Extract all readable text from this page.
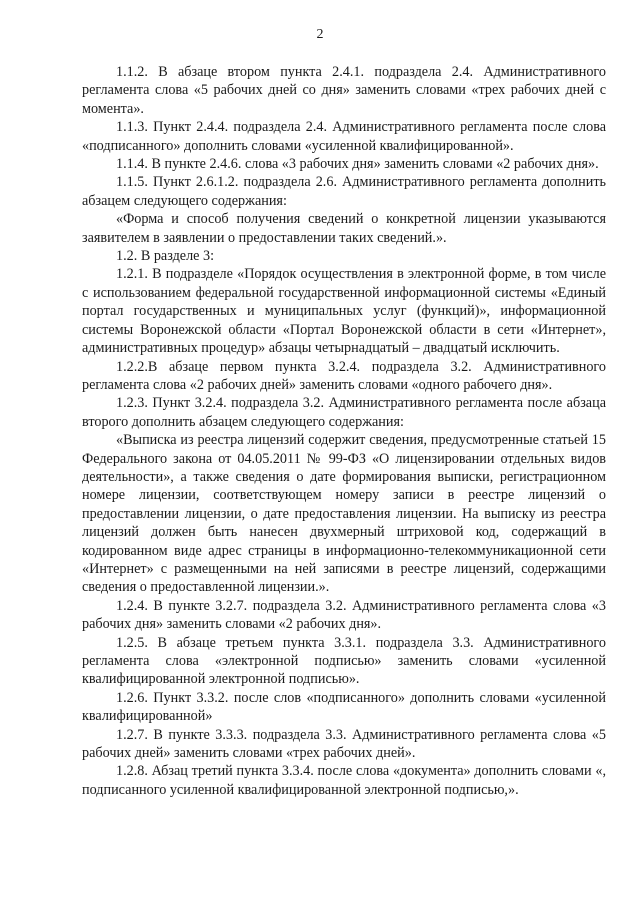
2

1.1.2. В абзаце втором пункта 2.4.1. подраздела 2.4. Административного регламента слова «5 рабочих дней со дня» заменить словами «трех рабочих дней с момента».

1.1.3. Пункт 2.4.4. подраздела 2.4. Административного регламента после слова «подписанного» дополнить словами «усиленной квалифицированной».

1.1.4. В пункте 2.4.6. слова «3 рабочих дня» заменить словами «2 рабочих дня».

1.1.5. Пункт 2.6.1.2. подраздела 2.6. Административного регламента дополнить абзацем следующего содержания:

«Форма и способ получения сведений о конкретной лицензии указываются заявителем в заявлении о предоставлении таких сведений.».

1.2. В разделе 3:

1.2.1. В подразделе «Порядок осуществления в электронной форме, в том числе с использованием федеральной государственной информационной системы «Единый портал государственных и муниципальных услуг (функций)», информационной системы Воронежской области «Портал Воронежской области в сети «Интернет», административных процедур» абзацы четырнадцатый – двадцатый исключить.

1.2.2.В абзаце первом пункта 3.2.4. подраздела 3.2. Административного регламента слова «2 рабочих дней» заменить словами «одного рабочего дня».

1.2.3. Пункт 3.2.4. подраздела 3.2. Административного регламента после абзаца второго дополнить абзацем следующего содержания:

«Выписка из реестра лицензий содержит сведения, предусмотренные статьей 15 Федерального закона от 04.05.2011 № 99-ФЗ «О лицензировании отдельных видов деятельности», а также сведения о дате формирования выписки, регистрационном номере лицензии, соответствующем номеру записи в реестре лицензий о предоставлении лицензии, о дате предоставления лицензии. На выписку из реестра лицензий должен быть нанесен двухмерный штриховой код, содержащий в кодированном виде адрес страницы в информационно-телекоммуникационной сети «Интернет» с размещенными на ней записями в реестре лицензий, содержащими сведения о предоставленной лицензии.».

1.2.4. В пункте 3.2.7. подраздела 3.2. Административного регламента слова «3 рабочих дня» заменить словами «2 рабочих дня».

1.2.5. В абзаце третьем пункта 3.3.1. подраздела 3.3. Административного регламента слова «электронной подписью» заменить словами «усиленной квалифицированной электронной подписью».

1.2.6. Пункт 3.3.2. после слов «подписанного» дополнить словами «усиленной квалифицированной»

1.2.7. В пункте 3.3.3. подраздела 3.3. Административного регламента слова «5 рабочих дней» заменить словами «трех рабочих дней».

1.2.8. Абзац третий пункта 3.3.4. после слова «документа» дополнить словами «, подписанного усиленной квалифицированной электронной подписью,».
